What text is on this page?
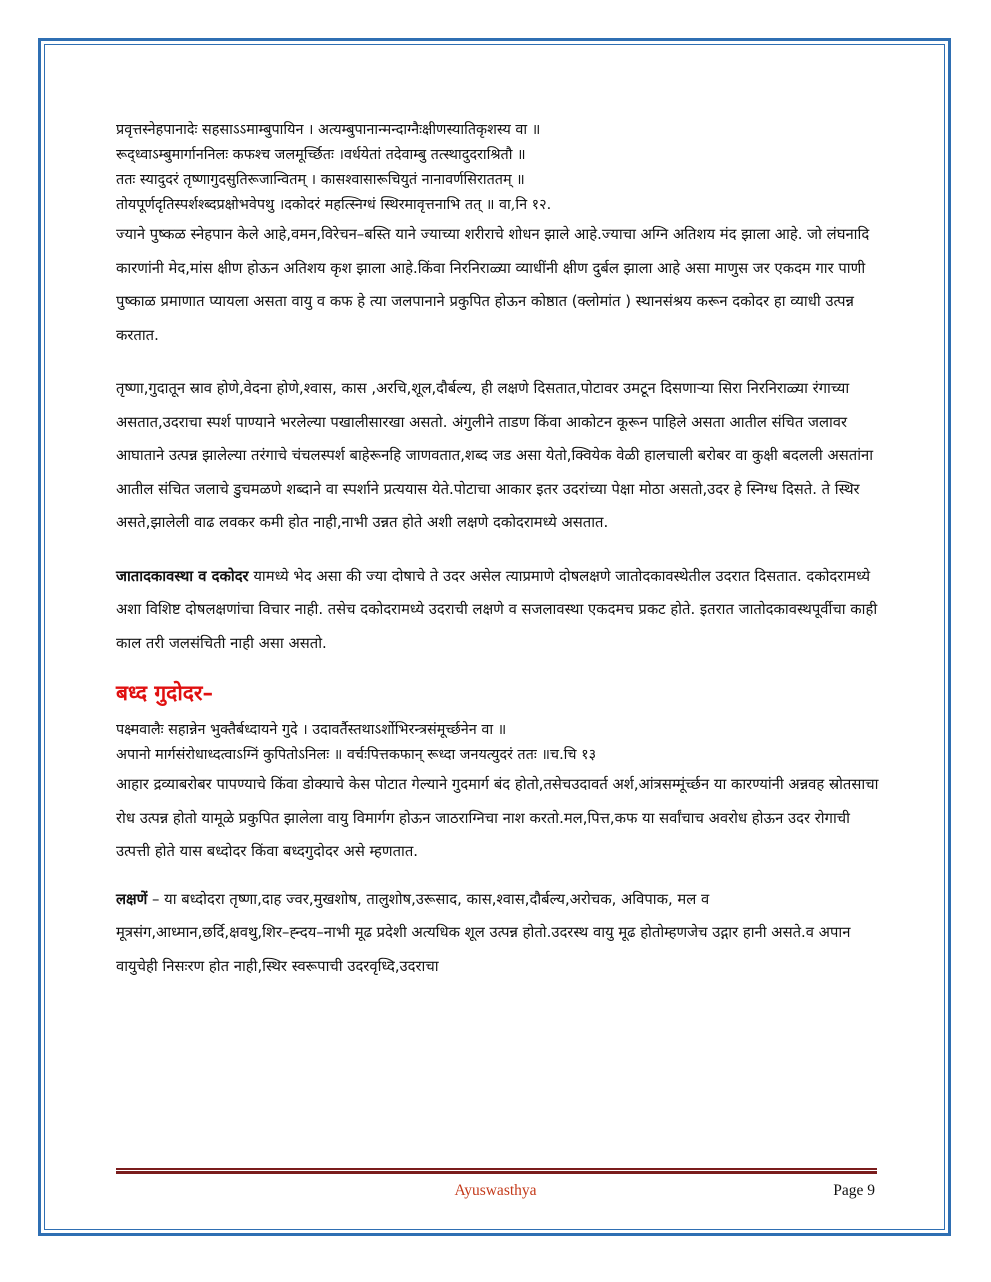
प्रवृत्तस्नेहपानादेः सहसाऽऽमाम्बुपायिन । अत्यम्बुपानान्मन्दाग्नैःक्षीणस्यातिकृशस्य वा ॥
रूद्ध्वाऽम्बुमार्गाननिलः कफश्च जलमूर्च्छितः ।वर्धयेतां तदेवाम्बु तत्स्थादुदराश्रितौ ॥
ततः स्यादुदरं तृष्णागुदसुतिरूजान्वितम् । कासश्वासारूचियुतं नानावर्णसिराततम् ॥
तोयपूर्णदृतिस्पर्शश्ब्दप्रक्षोभवेपथु ।दकोदरं महत्स्निग्धं स्थिरमावृत्तनाभि तत् ॥ वा,नि १२.

ज्याने पुष्कळ स्नेहपान केले आहे,वमन,विरेचन–बस्ति याने ज्याच्या शरीराचे शोधन झाले आहे.ज्याचा अग्नि अतिशय मंद झाला आहे. जो लंघनादि कारणांनी मेद,मांस क्षीण होऊन अतिशय कृश झाला आहे.किंवा निरनिराळ्या व्याधींनी क्षीण दुर्बल झाला आहे असा माणुस जर एकदम गार पाणी पुष्काळ प्रमाणात प्यायला असता वायु व कफ हे त्या जलपानाने प्रकुपित होऊन कोष्ठात (क्लोमांत ) स्थानसंश्रय करून दकोदर हा व्याधी उत्पन्न करतात.

तृष्णा,गुदातून स्राव होणे,वेदना होणे,श्वास, कास ,अरचि,शूल,दौर्बल्य, ही लक्षणे दिसतात,पोटावर उमटून दिसणाऱ्या सिरा निरनिराळ्या रंगाच्या असतात,उदराचा स्पर्श पाण्याने भरलेल्या पखालीसारखा असतो. अंगुलीने ताडण किंवा आकोटन कूरून पाहिले असता आतील संचित जलावर आघाताने उत्पन्न झालेल्या तरंगाचे चंचलस्पर्श बाहेरूनहि जाणवतात,शब्द जड असा येतो,क्वियेक वेळी हालचाली बरोबर वा कुक्षी बदलली असतांना आतील संचित जलाचे डुचमळणे शब्दाने वा स्पर्शाने प्रत्ययास येते.पोटाचा आकार इतर उदरांच्या पेक्षा मोठा असतो,उदर हे स्निग्ध दिसते. ते स्थिर असते,झालेली वाढ लवकर कमी होत नाही,नाभी उन्नत होते अशी लक्षणे दकोदरामध्ये असतात.

जातादकावस्था व दकोदर यामध्ये भेद असा की ज्या दोषाचे ते उदर असेल त्याप्रमाणे दोषलक्षणे जातोदकावस्थेतील उदरात दिसतात. दकोदरामध्ये अशा विशिष्ट दोषलक्षणांचा विचार नाही. तसेच दकोदरामध्ये उदराची लक्षणे व सजलावस्था एकदमच प्रकट होते. इतरात जातोदकावस्थपूर्वीचा काही काल तरी जलसंचिती नाही असा असतो.

बध्द गुदोदर–
पक्ष्मवालैः सहान्नेन भुक्तैर्बध्दायने गुदे । उदावर्तैस्तथाऽर्शोभिरन्त्रसंमूर्च्छनेन वा ॥
अपानो मार्गसंरोधाध्दत्वाऽग्निं कुपितोऽनिलः ॥ वर्चःपित्तकफान् रूध्दा जनयत्युदरं ततः ॥च.चि १३

आहार द्रव्याबरोबर पापण्याचे किंवा डोक्याचे केस पोटात गेल्याने गुदमार्ग बंद होतो,तसेचउदावर्त अर्श,आंत्रसम्मूंर्च्छन या कारण्यांनी अन्नवह स्रोतसाचा रोध उत्पन्न होतो यामूळे प्रकुपित झालेला वायु विमार्गग होऊन जाठराग्निचा नाश करतो.मल,पित्त,कफ या सर्वांचाच अवरोध होऊन उदर रोगाची उत्पत्ती होते यास बध्दोदर किंवा बध्दगुदोदर असे म्हणतात.

लक्षणें – या बध्दोदरा तृष्णा,दाह ज्वर,मुखशोष, तालुशोष,उरूसाद, कास,श्वास,दौर्बल्य,अरोचक, अविपाक, मल व मूत्रसंग,आध्मान,छर्दि,क्षवथु,शिर–ह्न्दय–नाभी मूढ प्रदेशी अत्यधिक शूल उत्पन्न होतो.उदरस्थ वायु मूढ होतोम्हणजेच उद्गार हानी असते.व अपान वायुचेही निसःरण होत नाही,स्थिर स्वरूपाची उदरवृध्दि,उदराचा

Ayuswasthya	Page 9
